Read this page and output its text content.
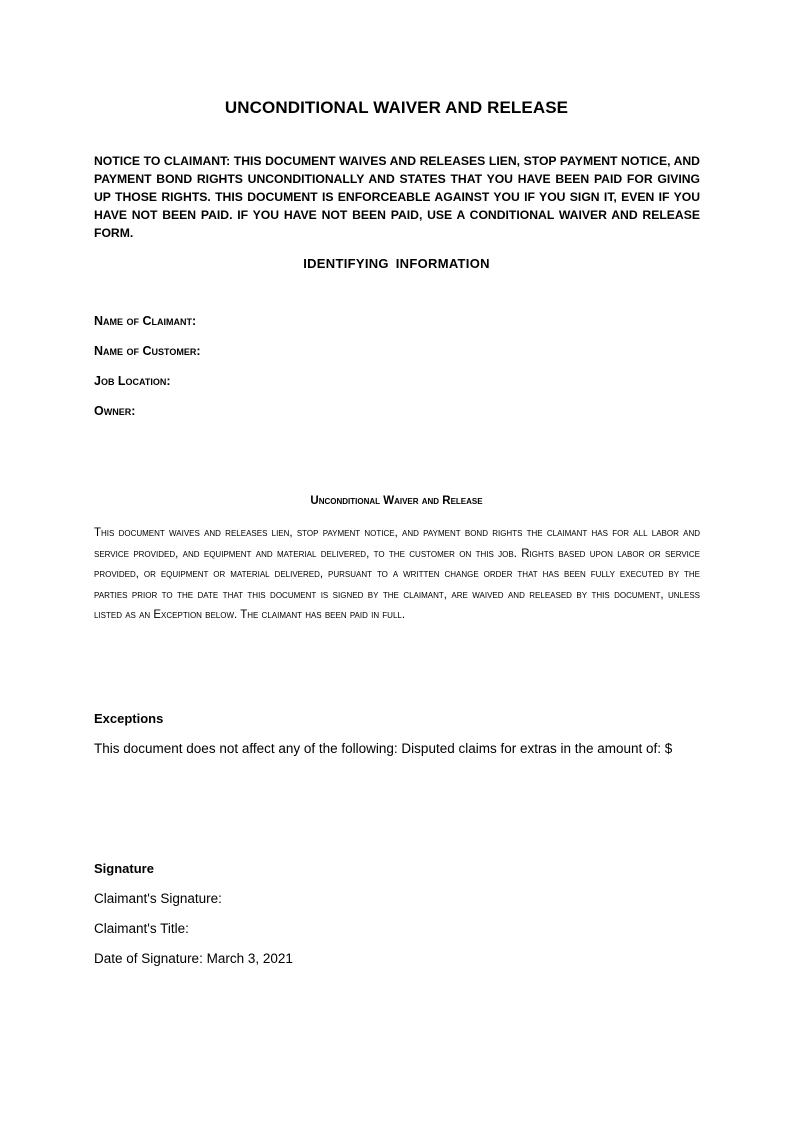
UNCONDITIONAL WAIVER AND RELEASE
NOTICE TO CLAIMANT: THIS DOCUMENT WAIVES AND RELEASES LIEN, STOP PAYMENT NOTICE, AND PAYMENT BOND RIGHTS UNCONDITIONALLY AND STATES THAT YOU HAVE BEEN PAID FOR GIVING UP THOSE RIGHTS. THIS DOCUMENT IS ENFORCEABLE AGAINST YOU IF YOU SIGN IT, EVEN IF YOU HAVE NOT BEEN PAID. IF YOU HAVE NOT BEEN PAID, USE A CONDITIONAL WAIVER AND RELEASE FORM.
IDENTIFYING INFORMATION
Name of Claimant:
Name of Customer:
Job Location:
Owner:
Unconditional Waiver and Release
This document waives and releases lien, stop payment notice, and payment bond rights the claimant has for all labor and service provided, and equipment and material delivered, to the customer on this job. Rights based upon labor or service provided, or equipment or material delivered, pursuant to a written change order that has been fully executed by the parties prior to the date that this document is signed by the claimant, are waived and released by this document, unless listed as an Exception below. The claimant has been paid in full.
Exceptions
This document does not affect any of the following: Disputed claims for extras in the amount of: $
Signature
Claimant's Signature:
Claimant's Title:
Date of Signature: March 3, 2021
